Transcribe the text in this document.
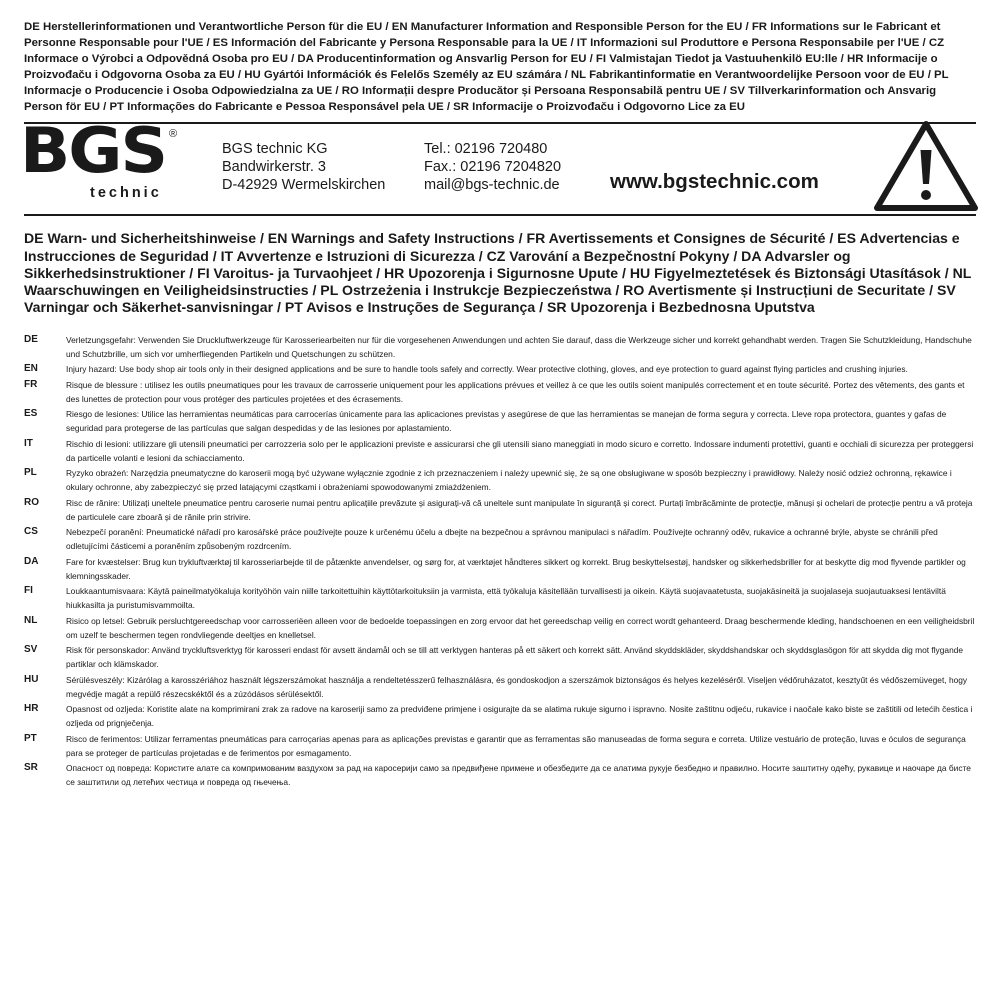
DE Herstellerinformationen und Verantwortliche Person für die EU / EN Manufacturer Information and Responsible Person for the EU / FR Informations sur le Fabricant et Personne Responsable pour l'UE / ES Información del Fabricante y Persona Responsable para la UE / IT Informazioni sul Produttore e Persona Responsabile per l'UE / CZ Informace o Výrobci a Odpovědná Osoba pro EU / DA Producentinformation og Ansvarlig Person for EU / FI Valmistajan Tiedot ja Vastuuhenkilö EU:lle / HR Informacije o Proizvođaču i Odgovorna Osoba za EU / HU Gyártói Információk és Felelős Személy az EU számára / NL Fabrikantinformatie en Verantwoordelijke Persoon voor de EU / PL Informacje o Producencie i Osoba Odpowiedzialna za UE / RO Informații despre Producător și Persoana Responsabilă pentru UE / SV Tillverkarinformation och Ansvarig Person för EU / PT Informações do Fabricante e Pessoa Responsável pela UE / SR Informacije o Proizvođaču i Odgovorno Lice za EU

BGS ®
technic
BGS technic KG
Bandwirkerstr. 3
D-42929 Wermelskirchen
Tel.: 02196 720480
Fax.: 02196 7204820
mail@bgs-technic.de www.bgstechnic.com
DE Warn- und Sicherheitshinweise / EN Warnings and Safety Instructions / FR Avertissements et Consignes de Sécurité / ES Advertencias e Instrucciones de Seguridad / IT Avvertenze e Istruzioni di Sicurezza / CZ Varování a Bezpečnostní Pokyny / DA Advarsler og Sikkerhedsinstruktioner / FI Varoitus- ja Turvaohjeet / HR Upozorenja i Sigurnosne Upute / HU Figyelmeztetések és Biztonsági Utasítások / NL Waarschuwingen en Veiligheidsinstructies / PL Ostrzeżenia i Instrukcje Bezpieczeństwa / RO Avertismente și Instrucțiuni de Securitate / SV Varningar och Säkerhet-sanvisningar / PT Avisos e Instruções de Segurança / SR Upozorenja i Bezbednosna Uputstva
DE	Verletzungsgefahr: Verwenden Sie Druckluftwerkzeuge für Karosseriearbeiten nur für die vorgesehenen Anwendungen und achten Sie darauf, dass die Werkzeuge sicher und korrekt gehandhabt werden. Tragen Sie Schutzkleidung, Handschuhe und Schutzbrille, um sich vor umherfliegenden Partikeln und Quetschungen zu schützen.
EN	Injury hazard: Use body shop air tools only in their designed applications and be sure to handle tools safely and correctly. Wear protective clothing, gloves, and eye protection to guard against flying particles and crushing injuries.
FR	Risque de blessure : utilisez les outils pneumatiques pour les travaux de carrosserie uniquement pour les applications prévues et veillez à ce que les outils soient manipulés correctement et en toute sécurité. Portez des vêtements, des gants et des lunettes de protection pour vous protéger des particules projetées et des écrasements.
ES	Riesgo de lesiones: Utilice las herramientas neumáticas para carrocerías únicamente para las aplicaciones previstas y asegúrese de que las herramientas se manejan de forma segura y correcta. Lleve ropa protectora, guantes y gafas de seguridad para protegerse de las partículas que salgan despedidas y de las lesiones por aplastamiento.
IT	Rischio di lesioni: utilizzare gli utensili pneumatici per carrozzeria solo per le applicazioni previste e assicurarsi che gli utensili siano maneggiati in modo sicuro e corretto. Indossare indumenti protettivi, guanti e occhiali di sicurezza per proteggersi da particelle volanti e lesioni da schiacciamento.
PL	Ryzyko obrażeń: Narzędzia pneumatyczne do karoserii mogą być używane wyłącznie zgodnie z ich przeznaczeniem i należy upewnić się, że są one obsługiwane w sposób bezpieczny i prawidłowy. Należy nosić odzież ochronną, rękawice i okulary ochronne, aby zabezpieczyć się przed latającymi cząstkami i obrażeniami spowodowanymi zmiażdżeniem.
RO	Risc de rănire: Utilizați uneltele pneumatice pentru caroserie numai pentru aplicațiile prevăzute și asigurați-vă că uneltele sunt manipulate în siguranță și corect. Purtați îmbrăcăminte de protecție, mănuși și ochelari de protecție pentru a vă proteja de particulele care zboară și de rănile prin strivire.
CS	Nebezpečí poranění: Pneumatické nářadí pro karosářské práce používejte pouze k určenému účelu a dbejte na bezpečnou a správnou manipulaci s nářadím. Používejte ochranný oděv, rukavice a ochranné brýle, abyste se chránili před odletujícími částicemi a poraněním způsobeným rozdrcením.
DA	Fare for kvæstelser: Brug kun trykluftværktøj til karosseriarbejde til de påtænkte anvendelser, og sørg for, at værktøjet håndteres sikkert og korrekt. Brug beskyttelsestøj, handsker og sikkerhedsbriller for at beskytte dig mod flyvende partikler og klemningsskader.
FI	Loukkaantumisvaara: Käytä paineilmatyökaluja korityöhön vain niille tarkoitettuihin käyttötarkoituksiin ja varmista, että työkaluja käsitellään turvallisesti ja oikein. Käytä suojavaatetusta, suojakäsineitä ja suojalaseja suojautuaksesi lentäviltä hiukkasilta ja puristumisvammoilta.
NL	Risico op letsel: Gebruik persluchtgereedschap voor carrosseriëen alleen voor de bedoelde toepassingen en zorg ervoor dat het gereedschap veilig en correct wordt gehanteerd. Draag beschermende kleding, handschoenen en een veiligheidsbril om uzelf te beschermen tegen rondvliegende deeltjes en knelletsel.
SV	Risk för personskador: Använd tryckluftsverktyg för karosseri endast för avsett ändamål och se till att verktygen hanteras på ett säkert och korrekt sätt. Använd skyddskläder, skyddshandskar och skyddsglasögon för att skydda dig mot flygande partiklar och klämskador.
HU	Sérülésveszély: Kizárólag a karosszériához használt légszerszámokat használja a rendeltetésszerű felhasználásra, és gondoskodjon a szerszámok biztonságos és helyes kezeléséről. Viseljen védőruházatot, kesztyűt és védőszemüveget, hogy megvédje magát a repülő részecskéktől és a zúzódásos sérülésektől.
HR	Opasnost od ozljeda: Koristite alate na komprimirani zrak za radove na karoseriji samo za predviđene primjene i osigurajte da se alatima rukuje sigurno i ispravno. Nosite zaštitnu odjeću, rukavice i naočale kako biste se zaštitili od letećih čestica i ozljeda od prignječenja.
PT	Risco de ferimentos: Utilizar ferramentas pneumáticas para carroçarias apenas para as aplicações previstas e garantir que as ferramentas são manuseadas de forma segura e correta. Utilize vestuário de proteção, luvas e óculos de segurança para se proteger de partículas projetadas e de ferimentos por esmagamento.
SR	Опасност од повреда: Користите алате са компримованим ваздухом за рад на каросерији само за предвиђене примене и обезбедите да се алатима рукује безбедно и правилно. Носите заштитну одећу, рукавице и наочаре да бисте се заштитили од летећих честица и повреда од гњечења.
